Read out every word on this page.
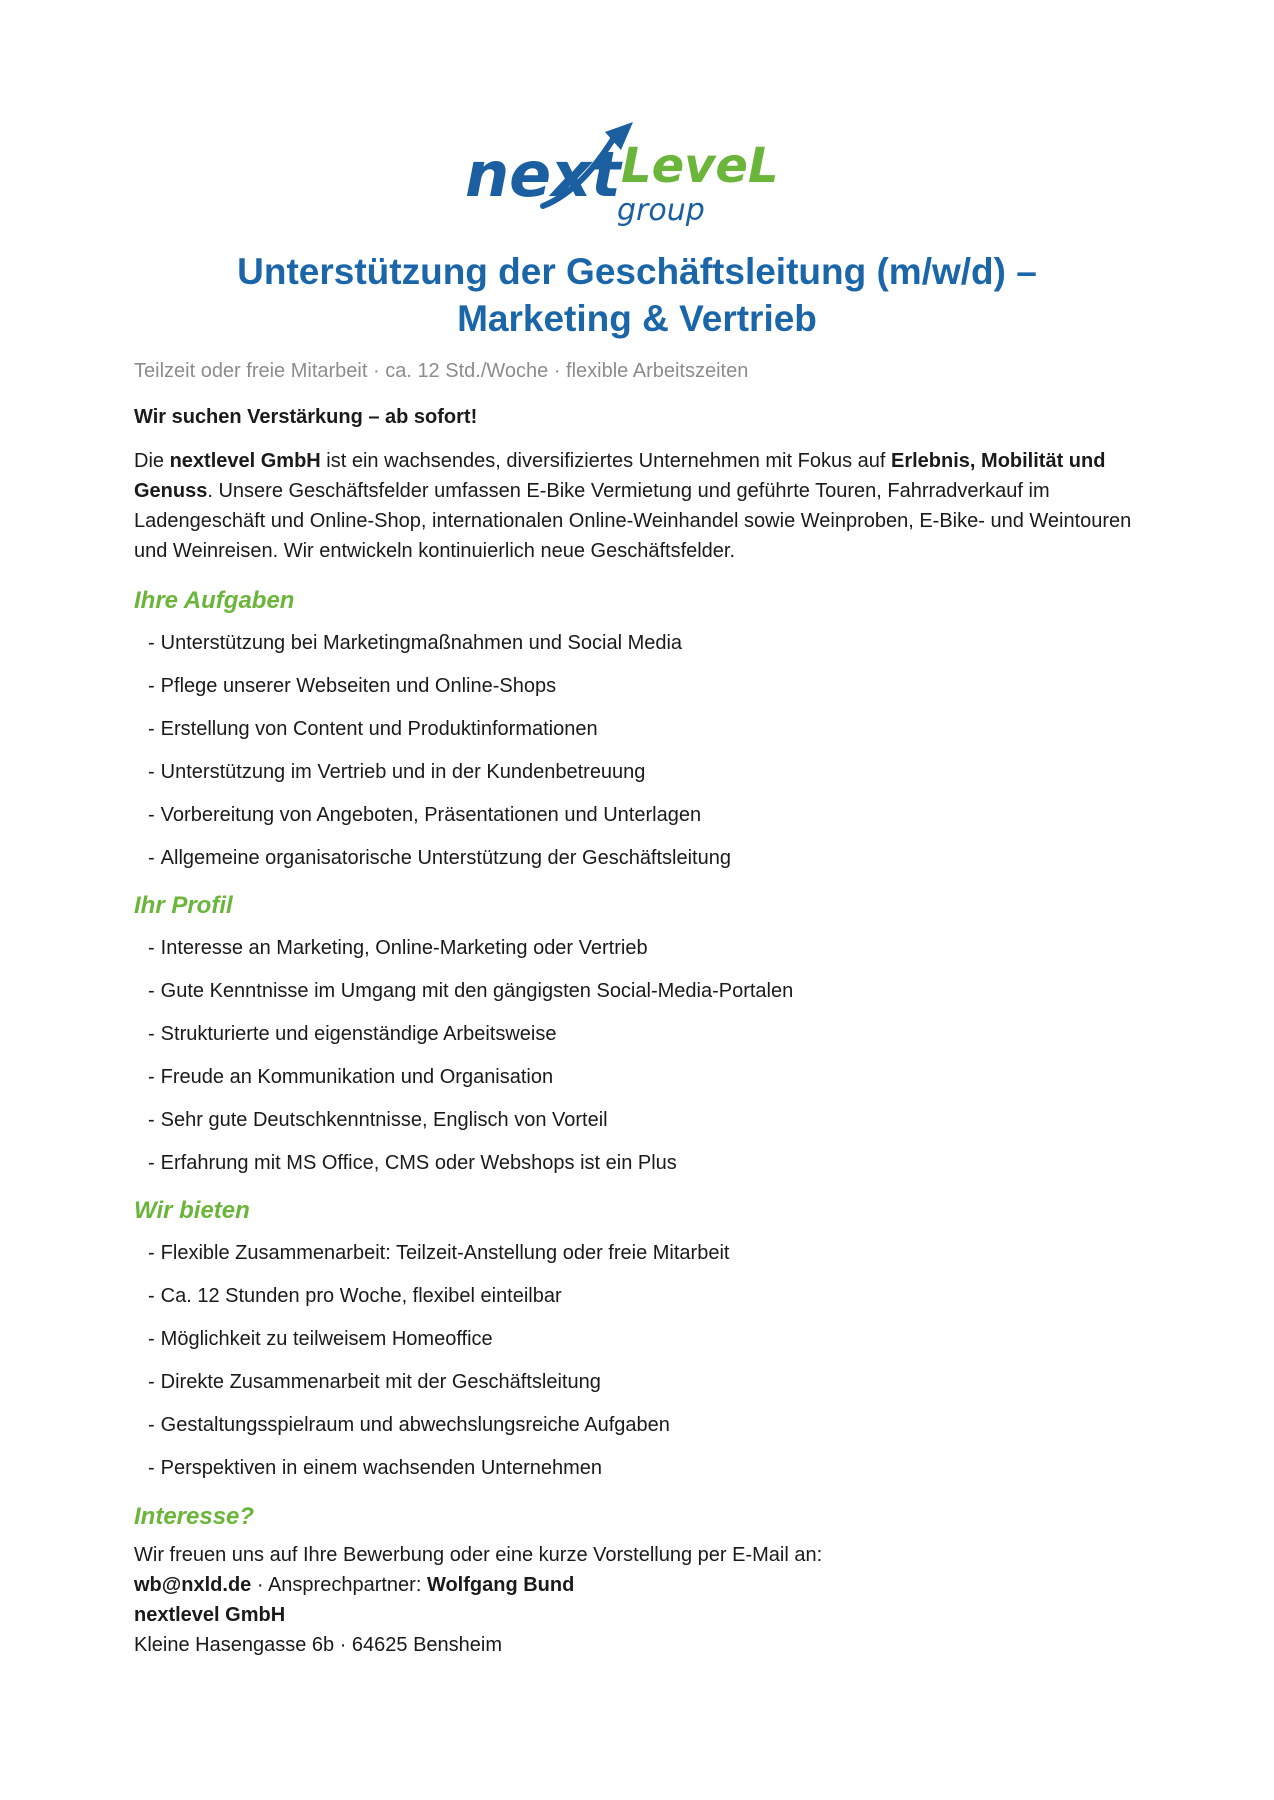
next LeveL
group
Unterstützung der Geschäftsleitung (m/w/d) –
Marketing & Vertrieb

Teilzeit oder freie Mitarbeit · ca. 12 Std./Woche · flexible Arbeitszeiten

Wir suchen Verstärkung – ab sofort!

Die nextlevel GmbH ist ein wachsendes, diversifiziertes Unternehmen mit Fokus auf Erlebnis, Mobilität und Genuss. Unsere Geschäftsfelder umfassen E-Bike Vermietung und geführte Touren, Fahrradverkauf im Ladengeschäft und Online-Shop, internationalen Online-Weinhandel sowie Weinproben, E-Bike- und Weintouren und Weinreisen. Wir entwickeln kontinuierlich neue Geschäftsfelder.

Ihre Aufgaben
- Unterstützung bei Marketingmaßnahmen und Social Media
- Pflege unserer Webseiten und Online-Shops
- Erstellung von Content und Produktinformationen
- Unterstützung im Vertrieb und in der Kundenbetreuung
- Vorbereitung von Angeboten, Präsentationen und Unterlagen
- Allgemeine organisatorische Unterstützung der Geschäftsleitung
Ihr Profil
- Interesse an Marketing, Online-Marketing oder Vertrieb
- Gute Kenntnisse im Umgang mit den gängigsten Social-Media-Portalen
- Strukturierte und eigenständige Arbeitsweise
- Freude an Kommunikation und Organisation
- Sehr gute Deutschkenntnisse, Englisch von Vorteil
- Erfahrung mit MS Office, CMS oder Webshops ist ein Plus
Wir bieten
- Flexible Zusammenarbeit: Teilzeit-Anstellung oder freie Mitarbeit
- Ca. 12 Stunden pro Woche, flexibel einteilbar
- Möglichkeit zu teilweisem Homeoffice
- Direkte Zusammenarbeit mit der Geschäftsleitung
- Gestaltungsspielraum und abwechslungsreiche Aufgaben
- Perspektiven in einem wachsenden Unternehmen
Interesse?
Wir freuen uns auf Ihre Bewerbung oder eine kurze Vorstellung per E-Mail an:
wb@nxld.de · Ansprechpartner: Wolfgang Bund
nextlevel GmbH
Kleine Hasengasse 6b · 64625 Bensheim
